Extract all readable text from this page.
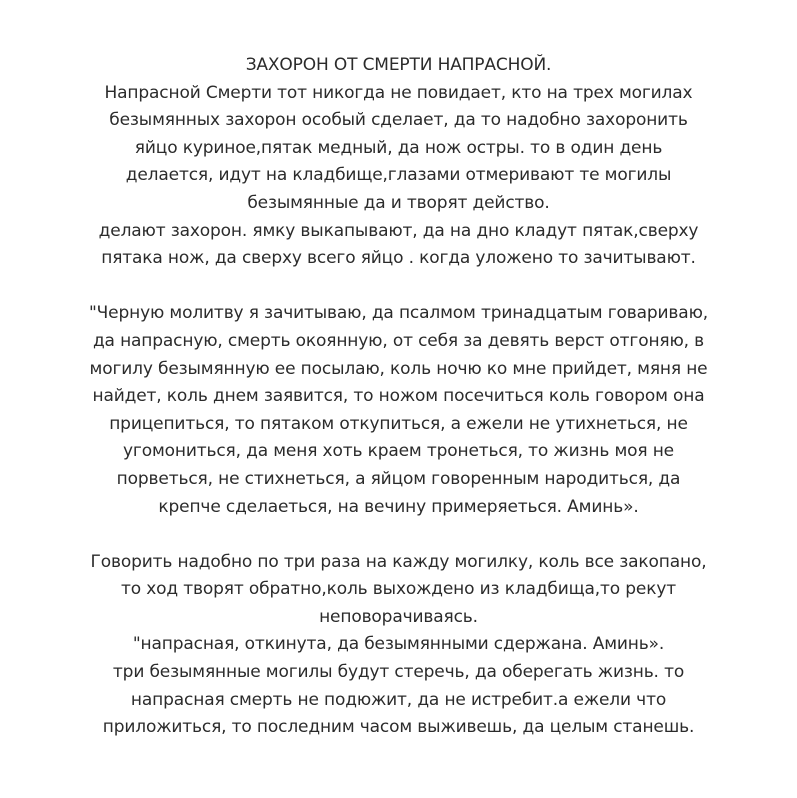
ЗАХОРОН ОТ СМЕРТИ НАПРАСНОЙ.
Напрасной Смерти тот никогда не повидает, кто на трех могилах
безымянных захорон особый сделает, да то надобно захоронить
яйцо куриное,пятак медный, да нож остры. то в один день
делается, идут на кладбище,глазами отмеривают те могилы
безымянные да и творят действо.
делают захорон. ямку выкапывают, да на дно кладут пятак,сверху
пятака нож, да сверху всего яйцо . когда уложено то зачитывают.
"Черную молитву я зачитываю, да псалмом тринадцатым говариваю,
да напрасную, смерть окоянную, от себя за девять верст отгоняю, в
могилу безымянную ее посылаю, коль ночю ко мне прийдет, мяня не
найдет, коль днем заявится, то ножом посечиться коль говором она
прицепиться, то пятаком откупиться, а ежели не утихнеться, не
угомониться, да меня хоть краем тронеться, то жизнь моя не
порветься, не стихнеться, а яйцом говоренным народиться, да
крепче сделаеться, на вечину примеряеться. Аминь».
Говорить надобно по три раза на кажду могилку, коль все закопано,
то ход творят обратно,коль выхождено из кладбища,то рекут
неповорачиваясь.
"напрасная, откинута, да безымянными сдержана. Аминь».
три безымянные могилы будут стеречь, да оберегать жизнь. то
напрасная смерть не подюжит, да не истребит.а ежели что
приложиться, то последним часом выживешь, да целым станешь.
